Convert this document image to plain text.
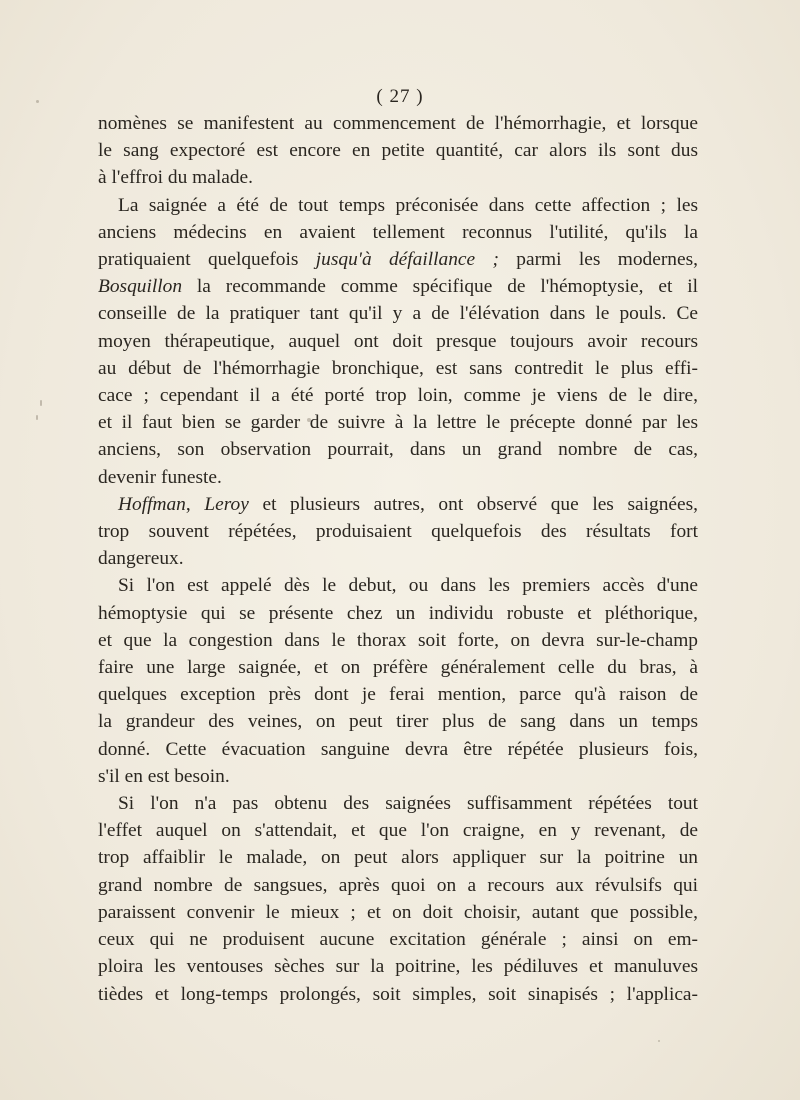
( 27 )

nomènes se manifestent au commencement de l'hémorrhagie, et lorsque
le sang expectoré est encore en petite quantité, car alors ils sont dus
à l'effroi du malade.

La saignée a été de tout temps préconisée dans cette affection ; les
anciens médecins en avaient tellement reconnus l'utilité, qu'ils la
pratiquaient quelquefois jusqu'à défaillance ; parmi les modernes,
Bosquillon la recommande comme spécifique de l'hémoptysie, et il
conseille de la pratiquer tant qu'il y a de l'élévation dans le pouls. Ce
moyen thérapeutique, auquel ont doit presque toujours avoir recours
au début de l'hémorrhagie bronchique, est sans contredit le plus effi-
cace ; cependant il a été porté trop loin, comme je viens de le dire,
et il faut bien se garder de suivre à la lettre le précepte donné par les
anciens, son observation pourrait, dans un grand nombre de cas,
devenir funeste.

Hoffman, Leroy et plusieurs autres, ont observé que les saignées,
trop souvent répétées, produisaient quelquefois des résultats fort
dangereux.

Si l'on est appelé dès le debut, ou dans les premiers accès d'une
hémoptysie qui se présente chez un individu robuste et pléthorique,
et que la congestion dans le thorax soit forte, on devra sur-le-champ
faire une large saignée, et on préfère généralement celle du bras, à
quelques exception près dont je ferai mention, parce qu'à raison de
la grandeur des veines, on peut tirer plus de sang dans un temps
donné. Cette évacuation sanguine devra être répétée plusieurs fois,
s'il en est besoin.

Si l'on n'a pas obtenu des saignées suffisamment répétées tout
l'effet auquel on s'attendait, et que l'on craigne, en y revenant, de
trop affaiblir le malade, on peut alors appliquer sur la poitrine un
grand nombre de sangsues, après quoi on a recours aux révulsifs qui
paraissent convenir le mieux ; et on doit choisir, autant que possible,
ceux qui ne produisent aucune excitation générale ; ainsi on em-
ploira les ventouses sèches sur la poitrine, les pédiluves et manuluves
tièdes et long-temps prolongés, soit simples, soit sinapisés ; l'applica-
